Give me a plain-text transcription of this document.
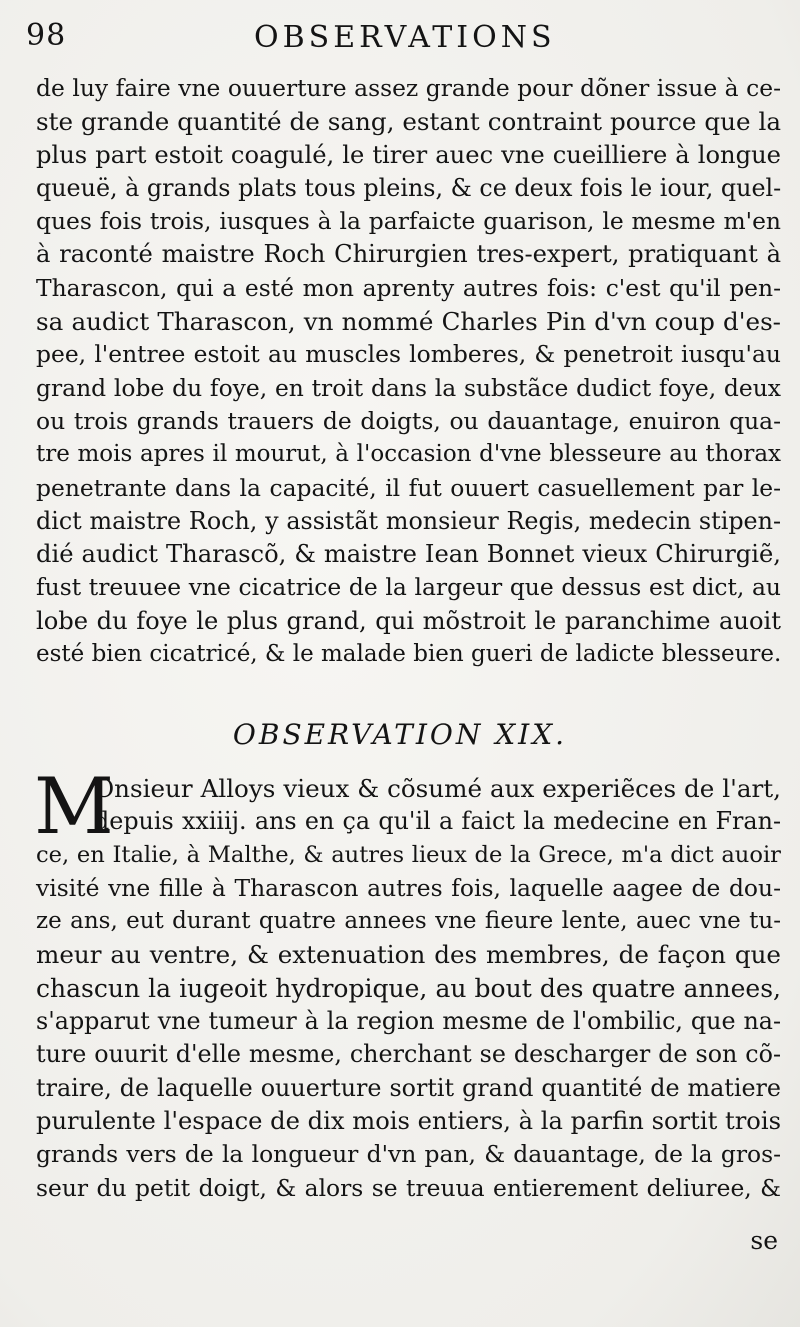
98	OBSERVATIONS
de luy faire vne ouuerture assez grande pour dõner issue à ce-
ste grande quantité de sang, estant contraint pource que la
plus part estoit coagulé, le tirer auec vne cueilliere à longue
queuë, à grands plats tous pleins, & ce deux fois le iour, quel-
ques fois trois, iusques à la parfaicte guarison, le mesme m'en
à raconté maistre Roch Chirurgien tres-expert, pratiquant à
Tharascon, qui a esté mon aprenty autres fois: c'est qu'il pen-
sa audict Tharascon, vn nommé Charles Pin d'vn coup d'es-
pee, l'entree estoit au muscles lomberes, & penetroit iusqu'au
grand lobe du foye, en troit dans la substãce dudict foye, deux
ou trois grands trauers de doigts, ou dauantage, enuiron qua-
tre mois apres il mourut, à l'occasion d'vne blesseure au thorax
penetrante dans la capacité, il fut ouuert casuellement par le-
dict maistre Roch, y assistãt monsieur Regis, medecin stipen-
dié audict Tharascõ, & maistre Iean Bonnet vieux Chirurgiẽ,
fust treuuee vne cicatrice de la largeur que dessus est dict, au
lobe du foye le plus grand, qui mõstroit le paranchime auoit
esté bien cicatricé, & le malade bien gueri de ladicte blesseure.
OBSERVATION XIX.
M
Onsieur Alloys vieux & cõsumé aux experiẽces de l'art,
depuis xxiiij. ans en ça qu'il a faict la medecine en Fran-
ce, en Italie, à Malthe, & autres lieux de la Grece, m'a dict auoir
visité vne fille à Tharascon autres fois, laquelle aagee de dou-
ze ans, eut durant quatre annees vne fieure lente, auec vne tu-
meur au ventre, & extenuation des membres, de façon que
chascun la iugeoit hydropique, au bout des quatre annees,
s'apparut vne tumeur à la region mesme de l'ombilic, que na-
ture ouurit d'elle mesme, cherchant se descharger de son cõ-
traire, de laquelle ouuerture sortit grand quantité de matiere
purulente l'espace de dix mois entiers, à la parfin sortit trois
grands vers de la longueur d'vn pan, & dauantage, de la gros-
seur du petit doigt, & alors se treuua entierement deliuree, &
se
